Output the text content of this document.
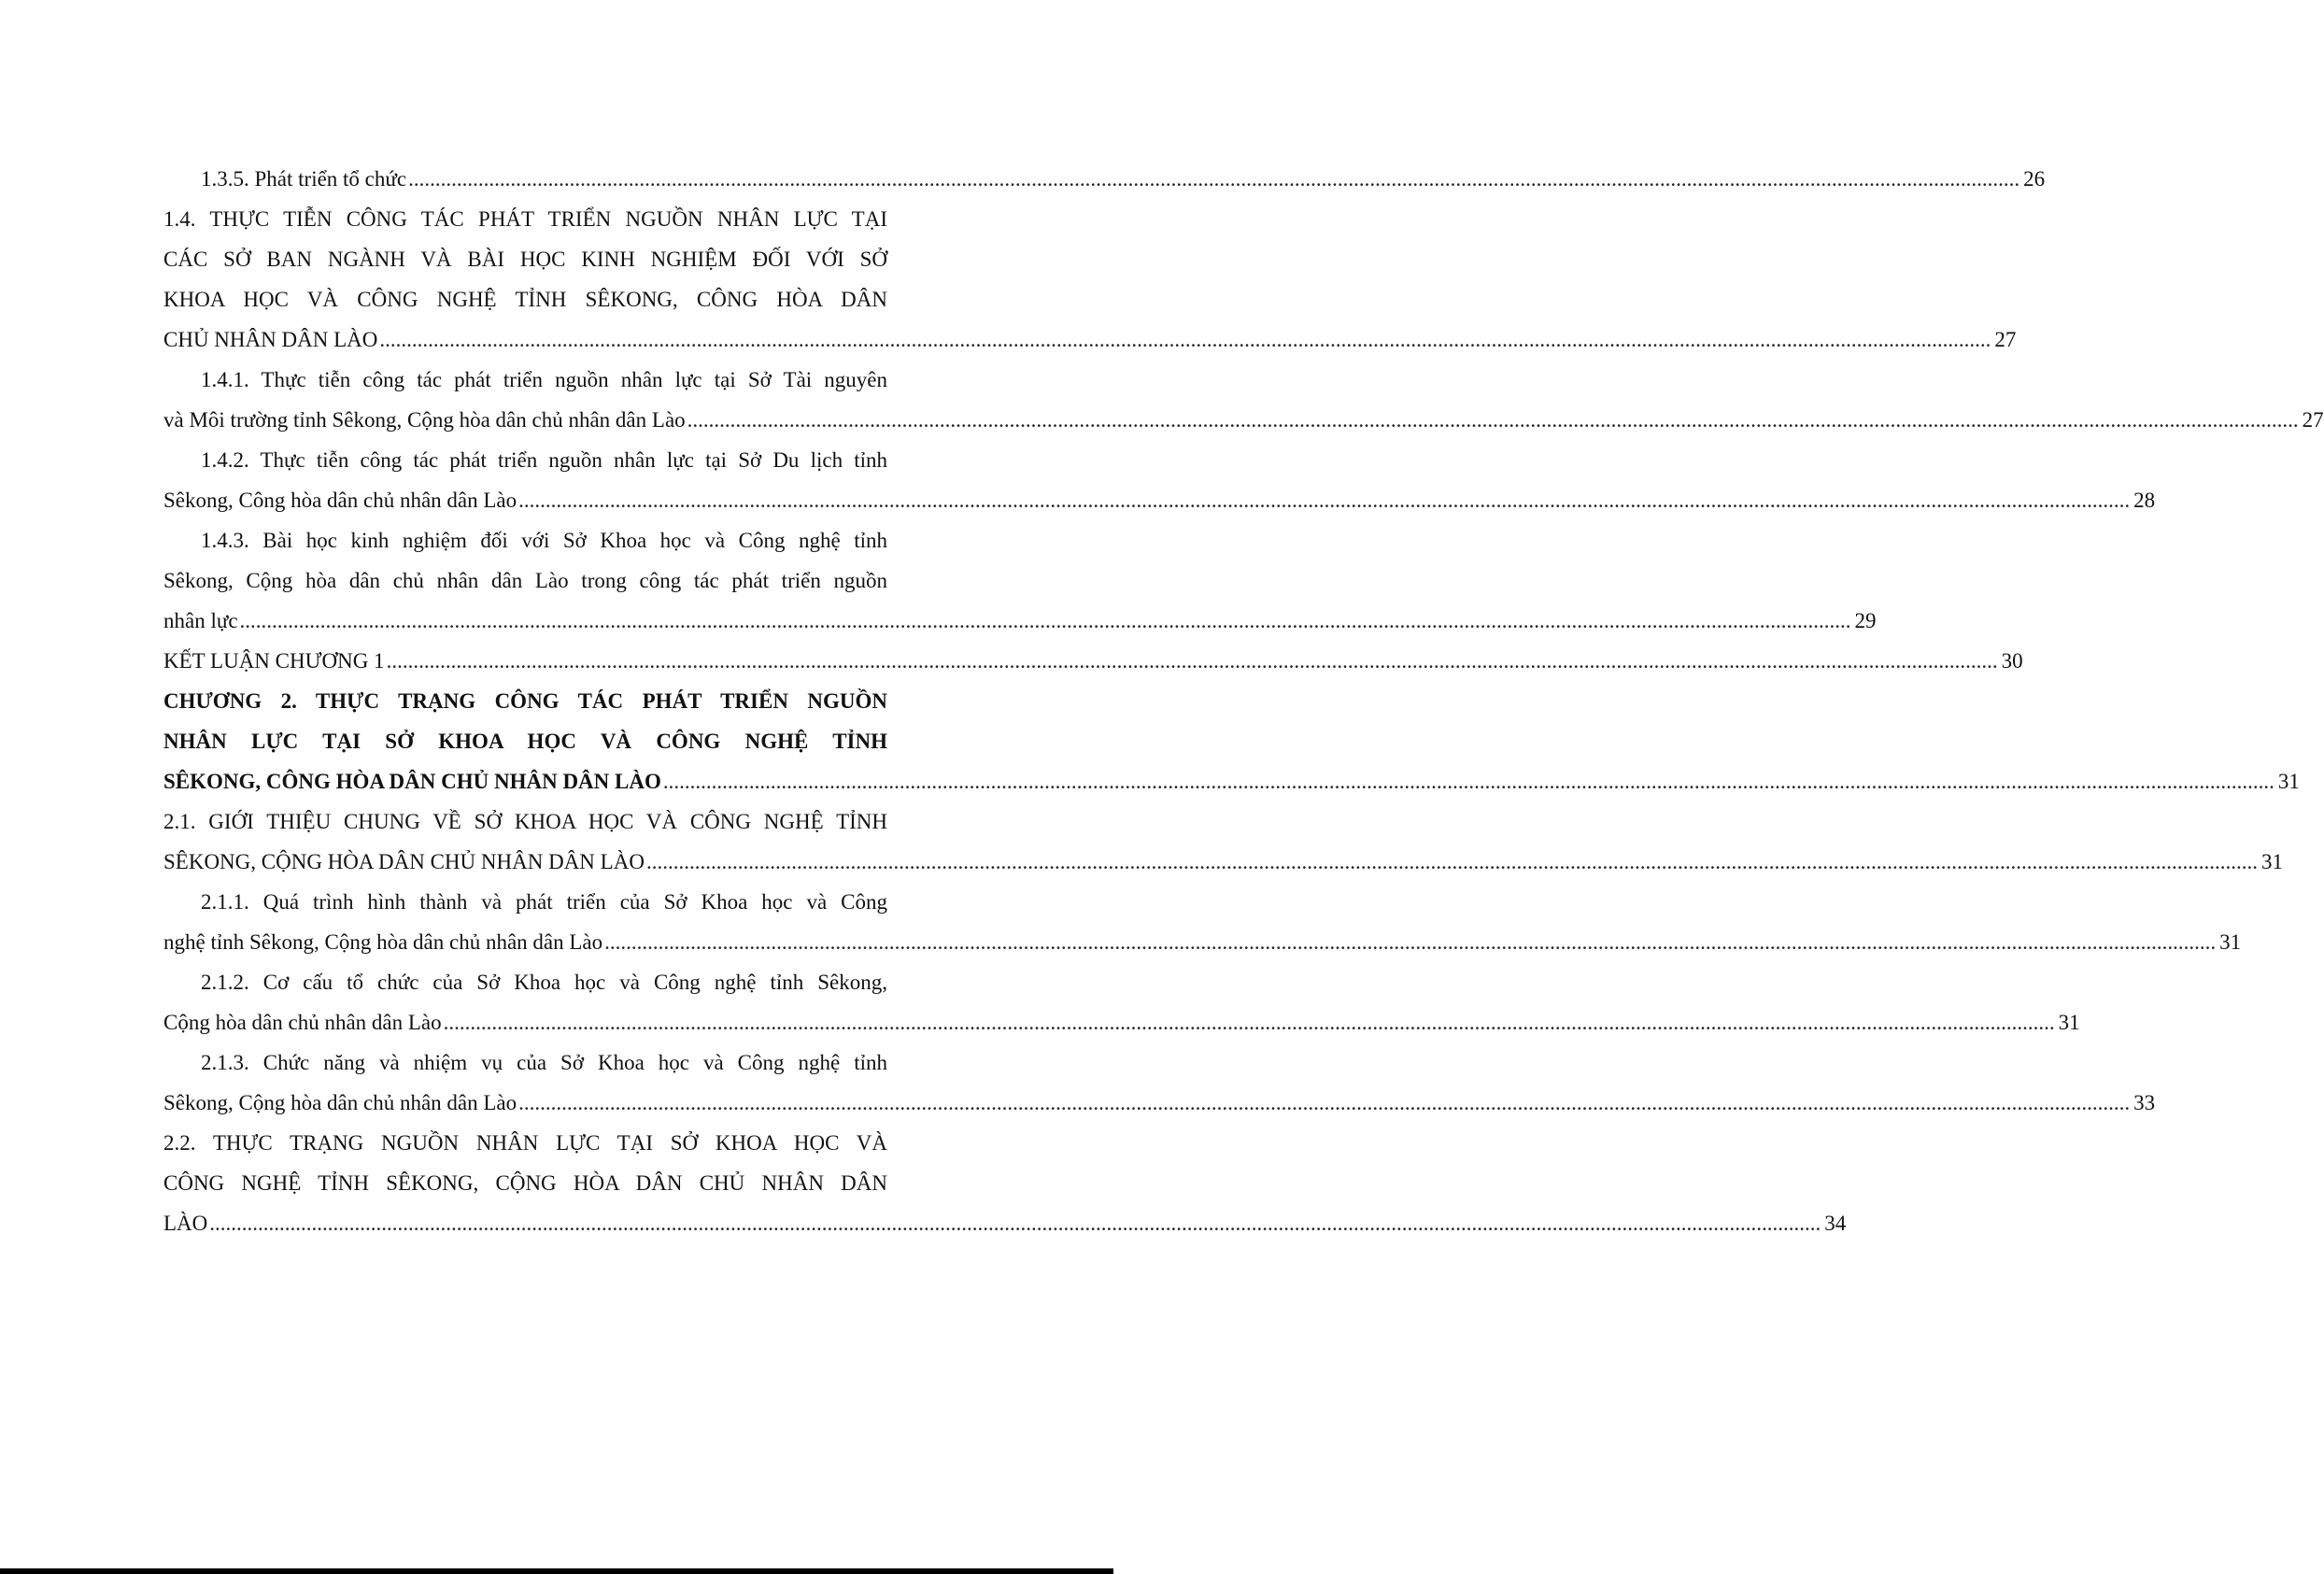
1.3.5. Phát triển tổ chức ............................................................................................................................................................................................................................................................................................................ 26
1.4. THỰC TIỄN CÔNG TÁC PHÁT TRIỂN NGUỒN NHÂN LỰC TẠI
CÁC SỞ BAN NGÀNH VÀ BÀI HỌC KINH NGHIỆM ĐỐI VỚI SỞ
KHOA HỌC VÀ CÔNG NGHỆ TỈNH SÊKONG, CÔNG HÒA DÂN
CHỦ NHÂN DÂN LÀO ............................................................................................................................................................................................................................................................................................................ 27
1.4.1. Thực tiễn công tác phát triển nguồn nhân lực tại Sở Tài nguyên
và Môi trường tỉnh Sêkong, Cộng hòa dân chủ nhân dân Lào ............................................................................................................................................................................................................................................................................................................ 27
1.4.2. Thực tiễn công tác phát triển nguồn nhân lực tại Sở Du lịch tỉnh
Sêkong, Công hòa dân chủ nhân dân Lào ............................................................................................................................................................................................................................................................................................................ 28
1.4.3. Bài học kinh nghiệm đối với Sở Khoa học và Công nghệ tỉnh
Sêkong, Cộng hòa dân chủ nhân dân Lào trong công tác phát triển nguồn
nhân lực ............................................................................................................................................................................................................................................................................................................ 29
KẾT LUẬN CHƯƠNG 1 ............................................................................................................................................................................................................................................................................................................ 30
CHƯƠNG 2. THỰC TRẠNG CÔNG TÁC PHÁT TRIỂN NGUỒN
NHÂN LỰC TẠI SỞ KHOA HỌC VÀ CÔNG NGHỆ TỈNH
SÊKONG, CÔNG HÒA DÂN CHỦ NHÂN DÂN LÀO ............................................................................................................................................................................................................................................................................................................ 31
2.1. GIỚI THIỆU CHUNG VỀ SỞ KHOA HỌC VÀ CÔNG NGHỆ TỈNH
SÊKONG, CỘNG HÒA DÂN CHỦ NHÂN DÂN LÀO ............................................................................................................................................................................................................................................................................................................ 31
2.1.1. Quá trình hình thành và phát triển của Sở Khoa học và Công
nghệ tỉnh Sêkong, Cộng hòa dân chủ nhân dân Lào ............................................................................................................................................................................................................................................................................................................ 31
2.1.2. Cơ cấu tổ chức của Sở Khoa học và Công nghệ tỉnh Sêkong,
Cộng hòa dân chủ nhân dân Lào ............................................................................................................................................................................................................................................................................................................ 31
2.1.3. Chức năng và nhiệm vụ của Sở Khoa học và Công nghệ tỉnh
Sêkong, Cộng hòa dân chủ nhân dân Lào ............................................................................................................................................................................................................................................................................................................ 33
2.2. THỰC TRẠNG NGUỒN NHÂN LỰC TẠI SỞ KHOA HỌC VÀ
CÔNG NGHỆ TỈNH SÊKONG, CỘNG HÒA DÂN CHỦ NHÂN DÂN
LÀO ............................................................................................................................................................................................................................................................................................................ 34
